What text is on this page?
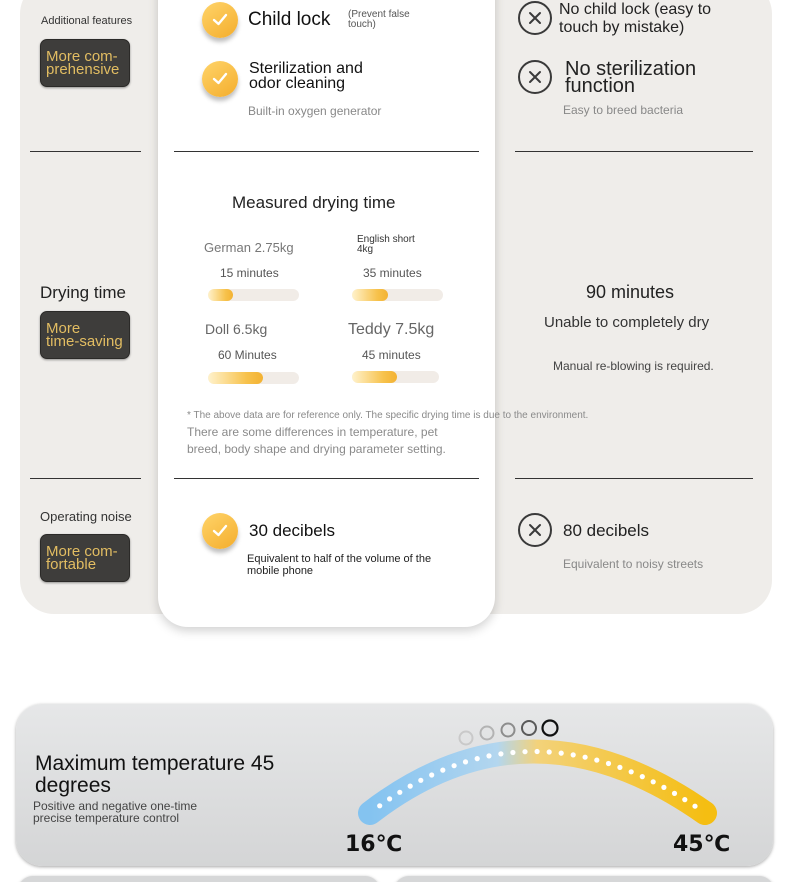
Additional features
More com-
prehensive
Child lock (Prevent false
touch)
Sterilization and
odor cleaning
Built-in oxygen generator
No child lock (easy to
touch by mistake)
No sterilization
function
Easy to breed bacteria
Drying time
More
time-saving
Measured drying time
German 2.75kg
15 minutes
English short
4kg
35 minutes
Doll 6.5kg
60 Minutes
Teddy 7.5kg
45 minutes
* The above data are for reference only. The specific drying time is due to the environment.
There are some differences in temperature, pet
breed, body shape and drying parameter setting.
90 minutes
Unable to completely dry
Manual re-blowing is required.
Operating noise
More com-
fortable
30 decibels
Equivalent to half of the volume of the
mobile phone
80 decibels
Equivalent to noisy streets
Maximum temperature 45
degrees
Positive and negative one-time
precise temperature control
16℃	45℃
